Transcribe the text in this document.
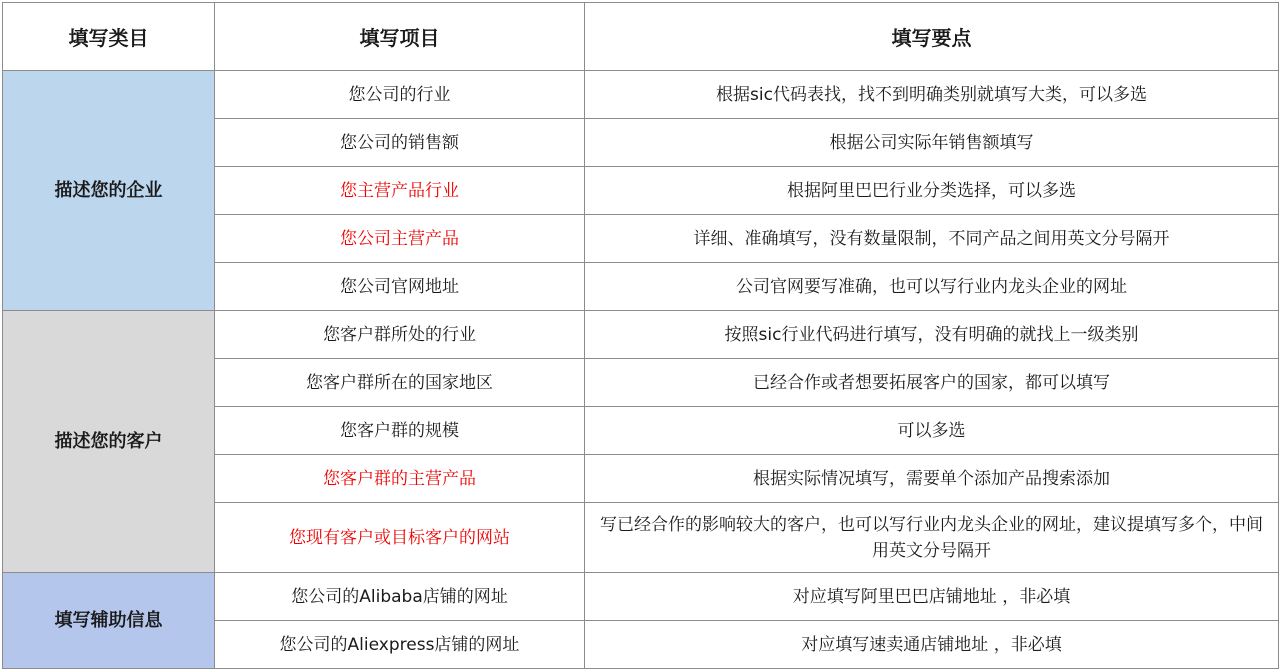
填写类目	填写项目	填写要点
描述您的企业	您公司的行业	根据sic代码表找，找不到明确类别就填写大类，可以多选
	您公司的销售额	根据公司实际年销售额填写
	您主营产品行业	根据阿里巴巴行业分类选择，可以多选
	您公司主营产品	详细、准确填写，没有数量限制，不同产品之间用英文分号隔开
	您公司官网地址	公司官网要写准确，也可以写行业内龙头企业的网址
描述您的客户	您客户群所处的行业	按照sic行业代码进行填写，没有明确的就找上一级类别
	您客户群所在的国家地区	已经合作或者想要拓展客户的国家，都可以填写
	您客户群的规模	可以多选
	您客户群的主营产品	根据实际情况填写，需要单个添加产品搜索添加
	您现有客户或目标客户的网站	写已经合作的影响较大的客户，也可以写行业内龙头企业的网址，建议提填写多个，中间用英文分号隔开
填写辅助信息	您公司的Alibaba店铺的网址	对应填写阿里巴巴店铺地址 ，非必填
	您公司的Aliexpress店铺的网址	对应填写速卖通店铺地址 ，非必填
